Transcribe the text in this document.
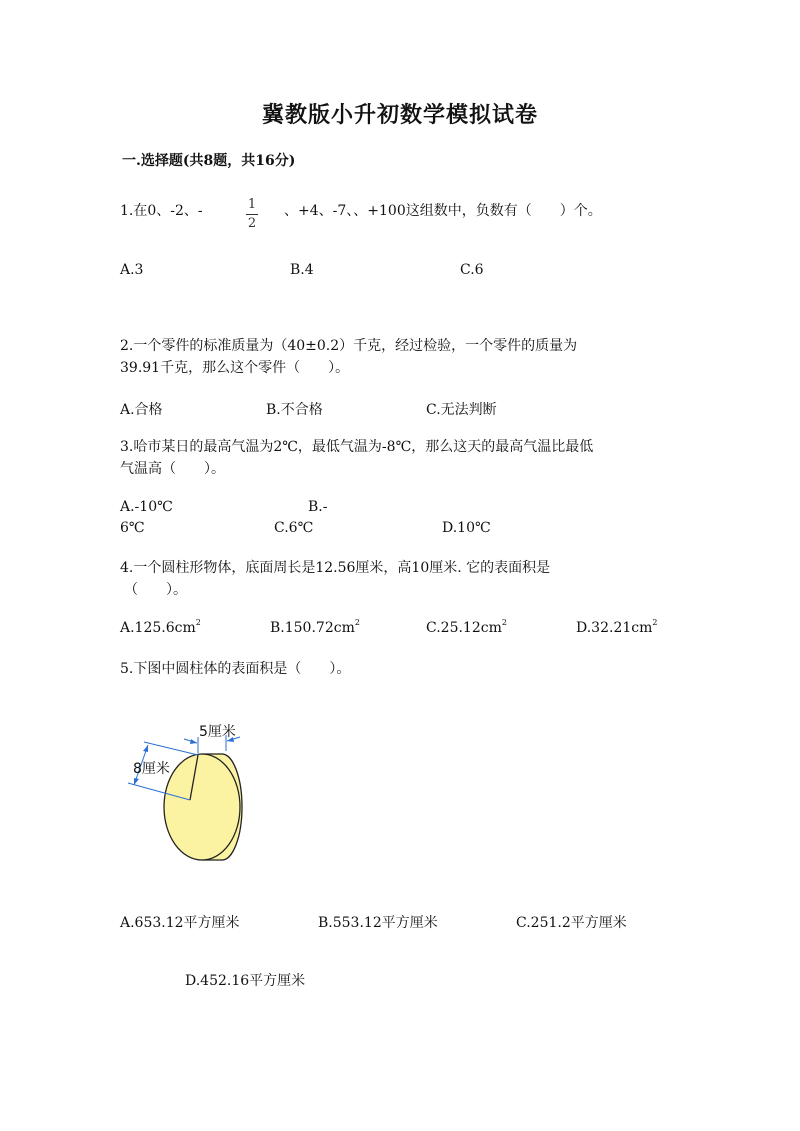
冀教版小升初数学模拟试卷
一.选择题(共8题，共16分)
1.在0、-2、-	1
2
、+4、-7、、+100这组数中，负数有（　　）个。
A.3	B.4	C.6
2.一个零件的标准质量为（40±0.2）千克，经过检验，一个零件的质量为
39.91千克，那么这个零件（　　）。
A.合格	B.不合格	C.无法判断
3.哈市某日的最高气温为2℃，最低气温为-8℃，那么这天的最高气温比最低
气温高（　　）。
A.-10℃	B.-
6℃	C.6℃	D.10℃
4.一个圆柱形物体，底面周长是12.56厘米，高10厘米. 它的表面积是
（　　）。
$A.125.6cm^2$	$B.150.72cm^2$	$C.25.12cm^2$	$D.32.21cm^2$
5.下图中圆柱体的表面积是（　　）。
5厘米
8厘米
A.653.12平方厘米	B.553.12平方厘米	C.251.2平方厘米
D.452.16平方厘米
